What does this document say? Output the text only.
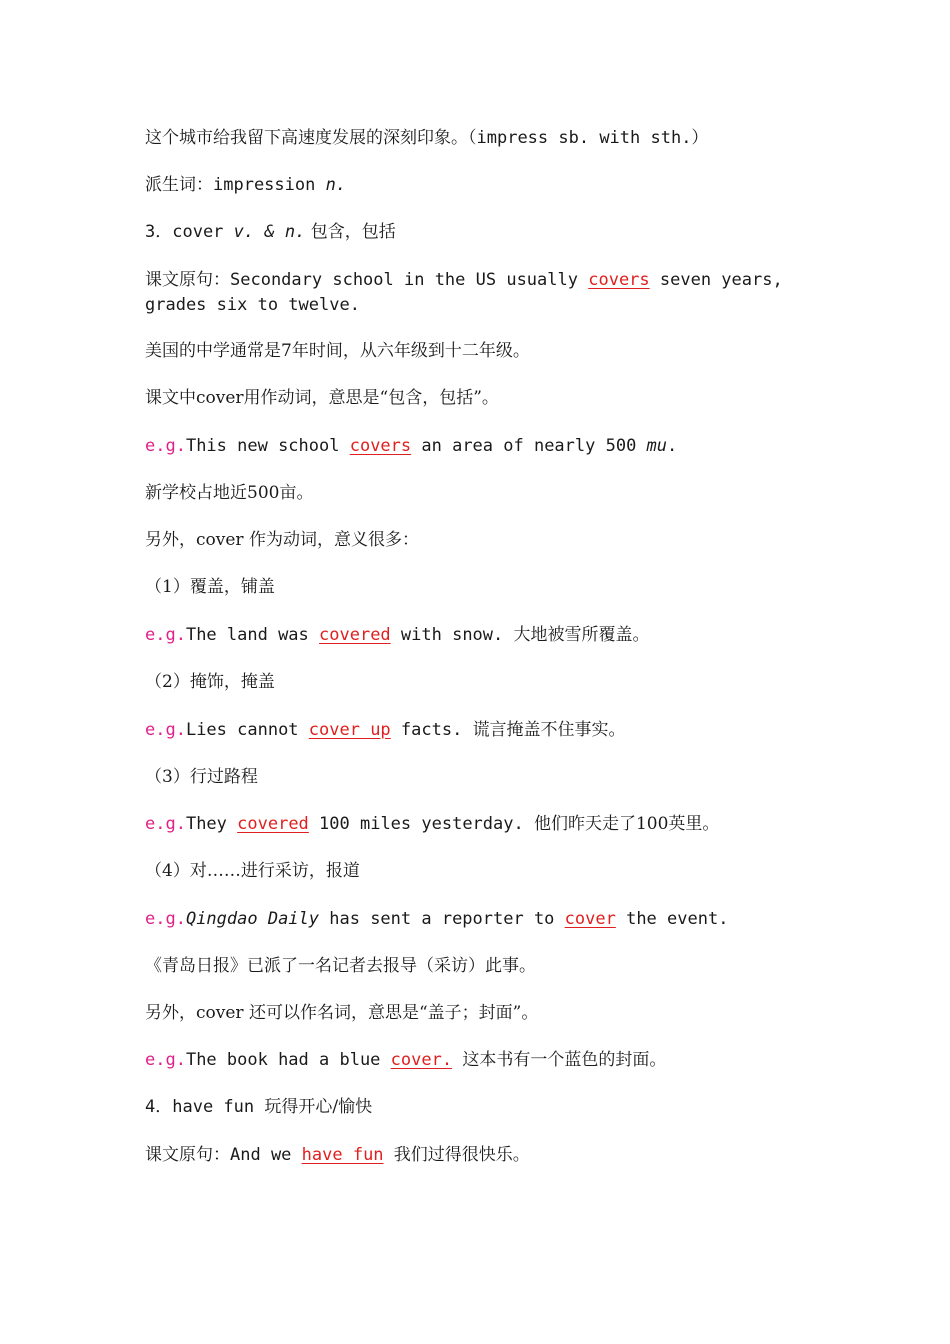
这个城市给我留下高速度发展的深刻印象。（impress sb. with sth.）
派生词：impression n.
3．cover v. & n. 包含，包括
课文原句：Secondary school in the US usually covers seven years, grades six to twelve.
美国的中学通常是7年时间，从六年级到十二年级。
课文中cover用作动词，意思是“包含，包括”。
e.g.This new school covers an area of nearly 500 mu.
新学校占地近500亩。
另外，cover 作为动词，意义很多：
（1）覆盖，铺盖
e.g.The land was covered with snow. 大地被雪所覆盖。
（2）掩饰，掩盖
e.g.Lies cannot cover up facts. 谎言掩盖不住事实。
（3）行过路程
e.g.They covered 100 miles yesterday. 他们昨天走了100英里。
（4）对……进行采访，报道
e.g.Qingdao Daily has sent a reporter to cover the event.
《青岛日报》已派了一名记者去报导（采访）此事。
另外，cover 还可以作名词，意思是“盖子；封面”。
e.g.The book had a blue cover. 这本书有一个蓝色的封面。
4．have fun 玩得开心/愉快
课文原句：And we have fun 我们过得很快乐。
